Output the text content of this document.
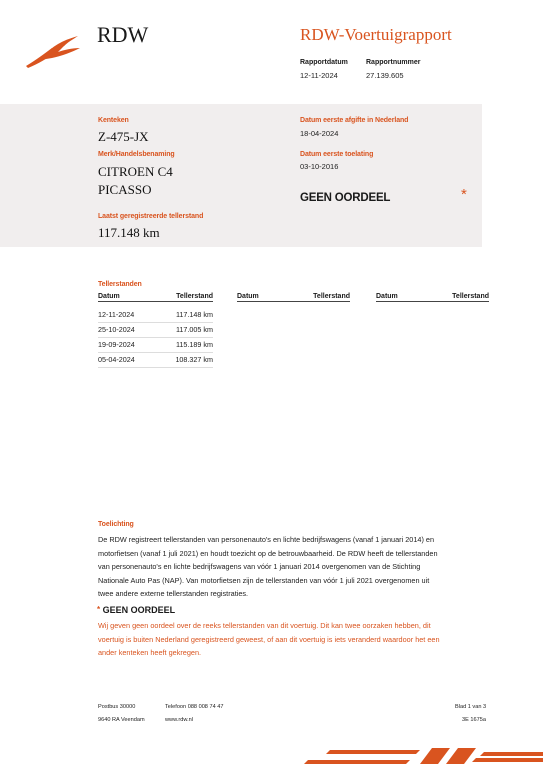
RDW	RDW-Voertuigrapport
Rapportdatum	Rapportnummer
12-11-2024	27.139.605
Kenteken
Z-475-JX
Merk/Handelsbenaming
CITROEN C4
PICASSO
Laatst geregistreerde tellerstand
117.148 km
Datum eerste afgifte in Nederland
18-04-2024
Datum eerste toelating
03-10-2016
GEEN OORDEEL	*
Tellerstanden
Datum	Tellerstand
12-11-2024	117.148 km
25-10-2024	117.005 km
19-09-2024	115.189 km
05-04-2024	108.327 km
Datum	Tellerstand	Datum	Tellerstand
Toelichting
De RDW registreert tellerstanden van personenauto's en lichte bedrijfswagens (vanaf 1 januari 2014) en
motorfietsen (vanaf 1 juli 2021) en houdt toezicht op de betrouwbaarheid. De RDW heeft de tellerstanden
van personenauto's en lichte bedrijfswagens van vóór 1 januari 2014 overgenomen van de Stichting
Nationale Auto Pas (NAP). Van motorfietsen zijn de tellerstanden van vóór 1 juli 2021 overgenomen uit
twee andere externe tellerstanden registraties.
* GEEN OORDEEL
Wij geven geen oordeel over de reeks tellerstanden van dit voertuig. Dit kan twee oorzaken hebben, dit
voertuig is buiten Nederland geregistreerd geweest, of aan dit voertuig is iets veranderd waardoor het een
ander kenteken heeft gekregen.
Postbus 30000	Telefoon 088 008 74 47	Blad 1 van 3
9640 RA Veendam	www.rdw.nl	3E 1675a
